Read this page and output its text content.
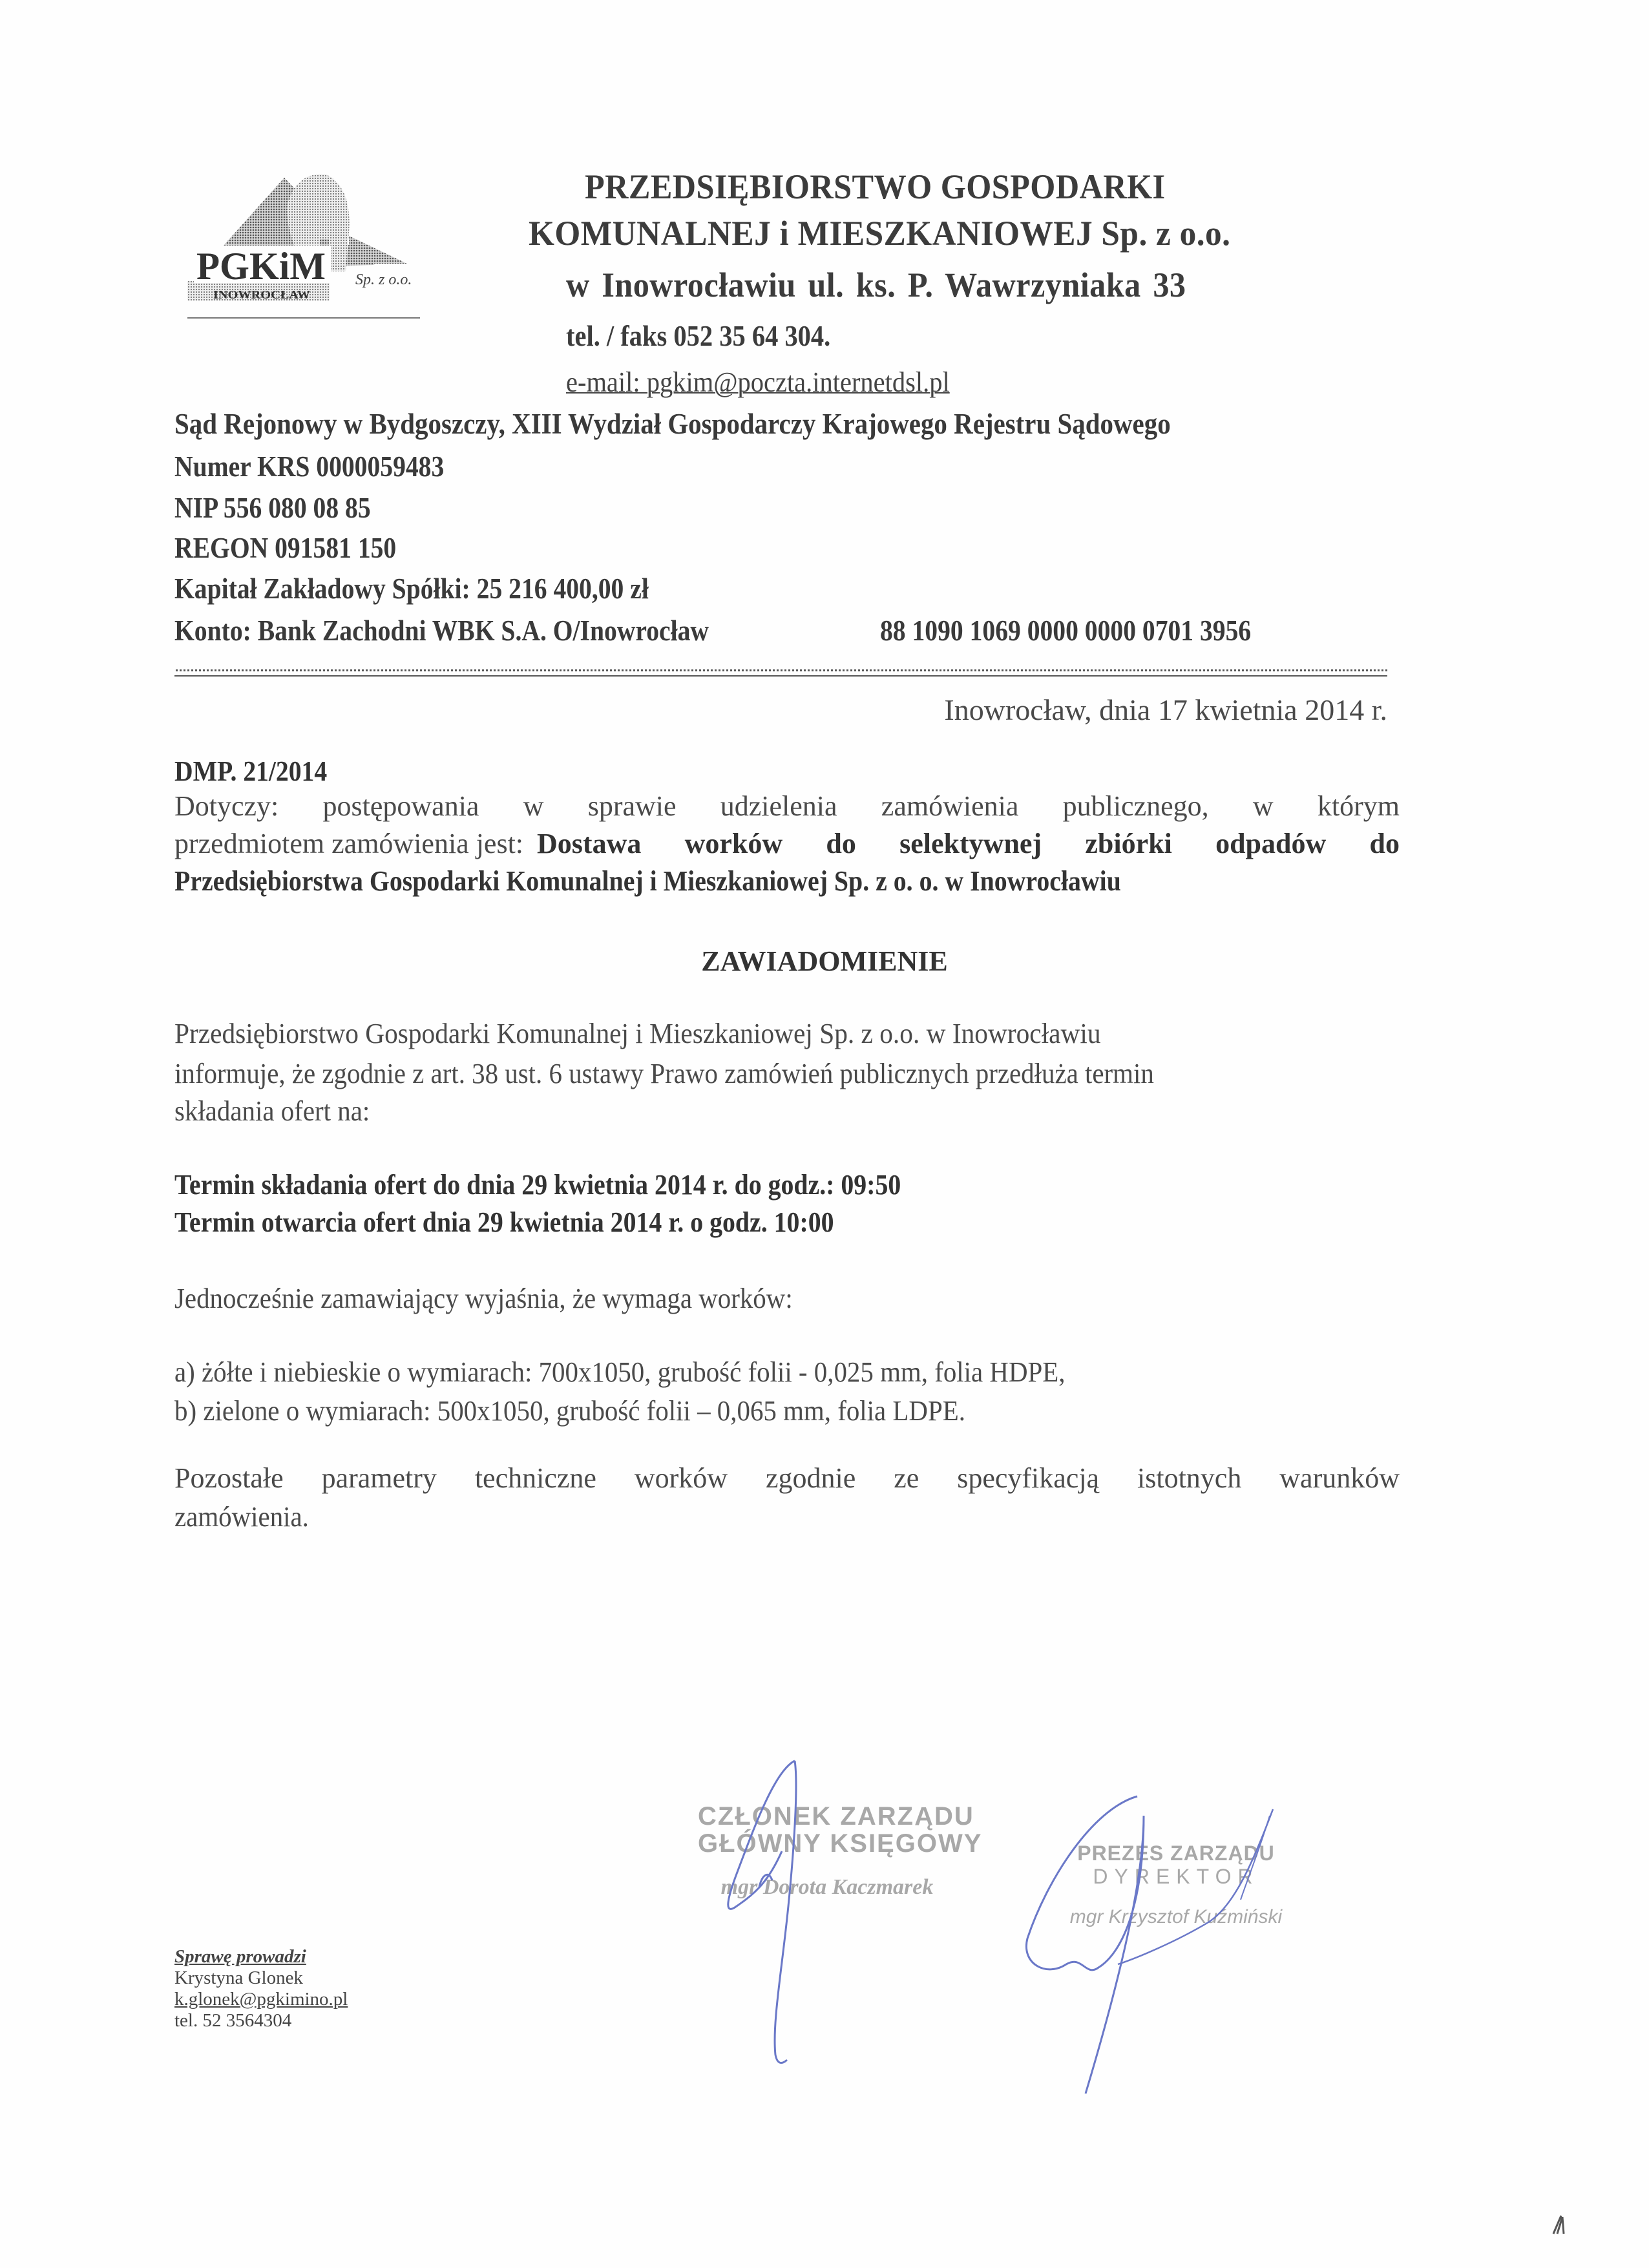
PGKiM
INOWROCŁAW
Sp. z o.o.
PRZEDSIĘBIORSTWO GOSPODARKI
KOMUNALNEJ i MIESZKANIOWEJ Sp. z o.o.
w Inowrocławiu ul. ks. P. Wawrzyniaka 33
tel. / faks 052 35 64 304.
e-mail: pgkim@poczta.internetdsl.pl
Sąd Rejonowy w Bydgoszczy, XIII Wydział Gospodarczy Krajowego Rejestru Sądowego
Numer KRS 0000059483
NIP 556 080 08 85
REGON 091581 150
Kapitał Zakładowy Spółki: 25 216 400,00 zł
Konto: Bank Zachodni WBK S.A. O/Inowrocław	88 1090 1069 0000 0000 0701 3956
Inowrocław, dnia 17 kwietnia 2014 r.
DMP. 21/2014
Dotyczy: postępowania w sprawie udzielenia zamówienia publicznego, w którym
przedmiotem zamówienia jest: Dostawa worków do selektywnej zbiórki odpadów do
Przedsiębiorstwa Gospodarki Komunalnej i Mieszkaniowej Sp. z o. o. w Inowrocławiu
ZAWIADOMIENIE
Przedsiębiorstwo Gospodarki Komunalnej i Mieszkaniowej Sp. z o.o. w Inowrocławiu
informuje, że zgodnie z art. 38 ust. 6 ustawy Prawo zamówień publicznych przedłuża termin
składania ofert na:
Termin składania ofert do dnia 29 kwietnia 2014 r. do godz.: 09:50
Termin otwarcia ofert dnia 29 kwietnia 2014 r. o godz. 10:00
Jednocześnie zamawiający wyjaśnia, że wymaga worków:
a) żółte i niebieskie o wymiarach: 700x1050, grubość folii - 0,025 mm, folia HDPE,
b) zielone o wymiarach: 500x1050, grubość folii – 0,065 mm, folia LDPE.
Pozostałe parametry techniczne worków zgodnie ze specyfikacją istotnych warunków
zamówienia.
CZŁONEK ZARZĄDU
GŁÓWNY KSIĘGOWY
mgr Dorota Kaczmarek
PREZES ZARZĄDU
DYREKTOR
mgr Krzysztof Kuźmiński
Sprawę prowadzi
Krystyna Glonek
k.glonek@pgkimino.pl
tel. 52 3564304
